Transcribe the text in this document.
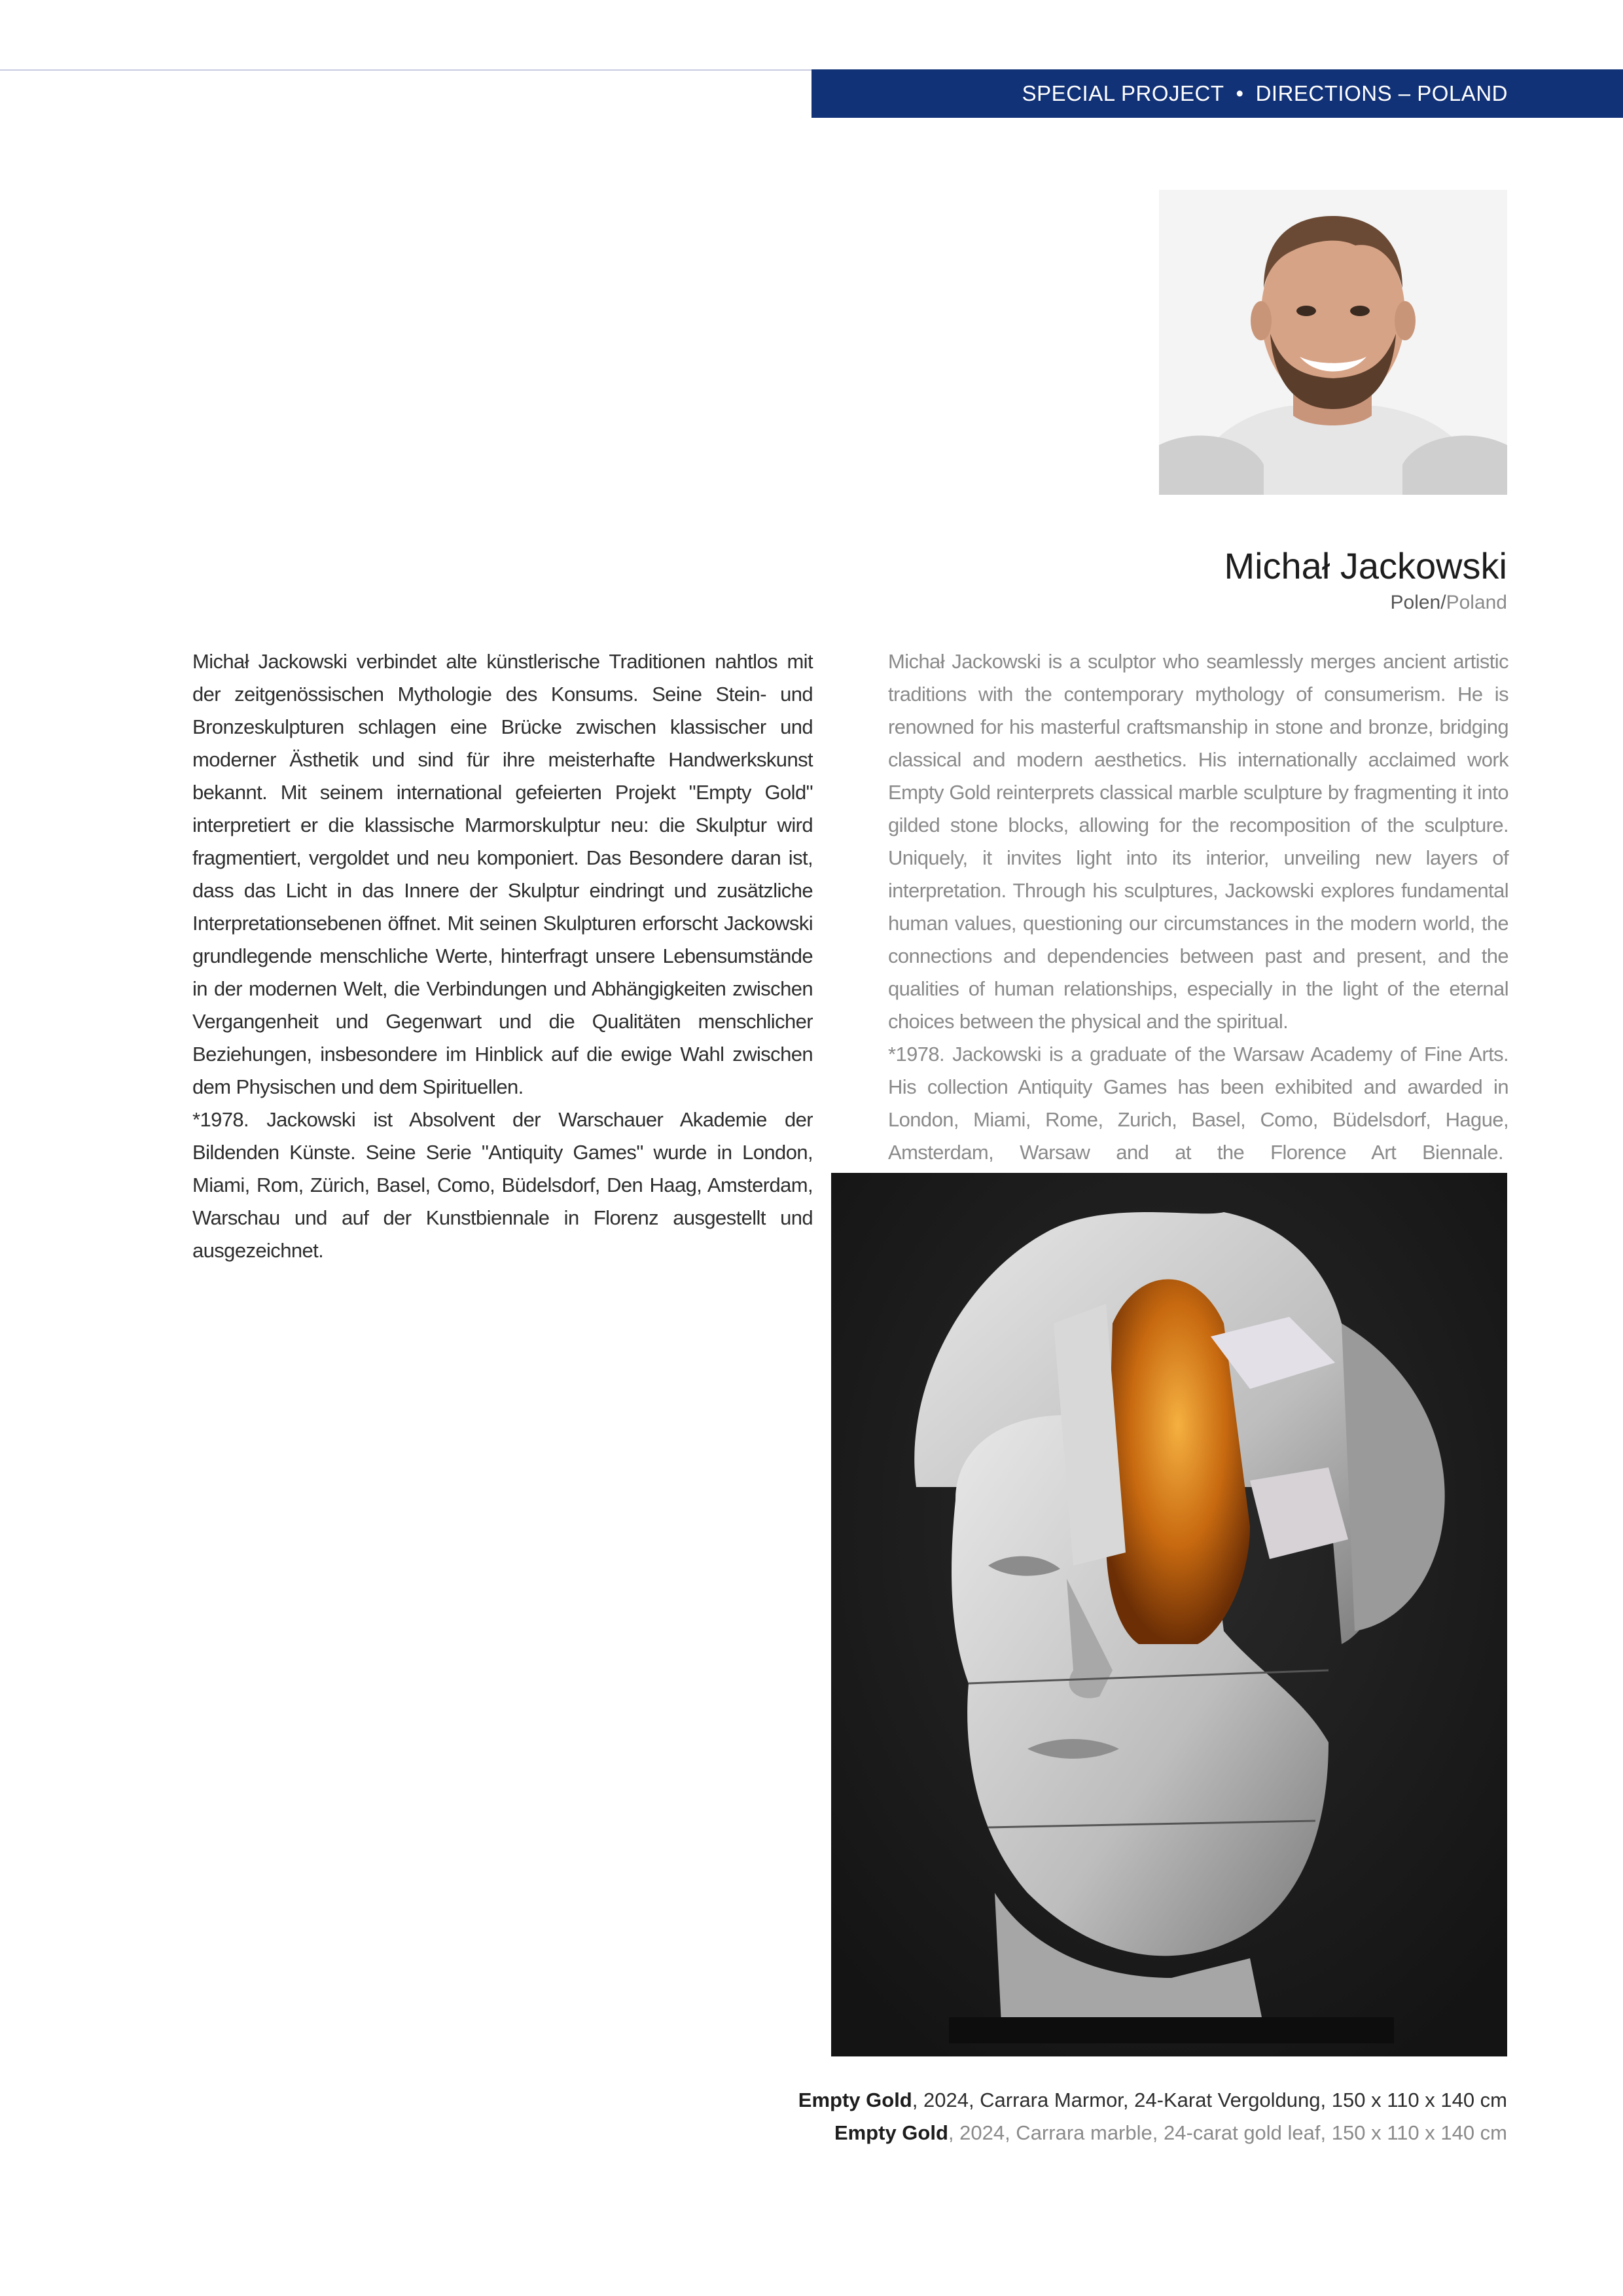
SPECIAL PROJECT • DIRECTIONS – POLAND
Michał Jackowski
Polen/Poland

Michał Jackowski verbindet alte künstlerische Traditionen nahtlos mit der zeitgenössischen Mythologie des Konsums. Seine Stein- und Bronzeskulpturen schlagen eine Brücke zwischen klassischer und moderner Ästhetik und sind für ihre meisterhafte Handwerkskunst bekannt. Mit seinem international gefeierten Projekt "Empty Gold" interpretiert er die klassische Marmorskulptur neu: die Skulptur wird fragmentiert, vergoldet und neu komponiert. Das Besondere daran ist, dass das Licht in das Innere der Skulptur eindringt und zusätzliche Interpretationsebenen öffnet. Mit seinen Skulpturen erforscht Jackowski grundlegende menschliche Werte, hinterfragt unsere Lebensumstände in der modernen Welt, die Verbindungen und Abhängigkeiten zwischen Vergangenheit und Gegenwart und die Qualitäten menschlicher Beziehungen, insbesondere im Hinblick auf die ewige Wahl zwischen dem Physischen und dem Spirituellen.

*1978. Jackowski ist Absolvent der Warschauer Akademie der Bildenden Künste. Seine Serie "Antiquity Games" wurde in London, Miami, Rom, Zürich, Basel, Como, Büdelsdorf, Den Haag, Amsterdam, Warschau und auf der Kunstbiennale in Florenz ausgestellt und ausgezeichnet.

Michał Jackowski is a sculptor who seamlessly merges ancient artistic traditions with the contemporary mythology of consumerism. He is renowned for his masterful craftsmanship in stone and bronze, bridging classical and modern aesthetics. His internationally acclaimed work Empty Gold reinterprets classical marble sculpture by fragmenting it into gilded stone blocks, allowing for the recomposition of the sculpture. Uniquely, it invites light into its interior, unveiling new layers of interpretation. Through his sculptures, Jackowski explores fundamental human values, questioning our circumstances in the modern world, the connections and dependencies between past and present, and the qualities of human relationships, especially in the light of the eternal choices between the physical and the spiritual.

*1978. Jackowski is a graduate of the Warsaw Academy of Fine Arts. His collection Antiquity Games has been exhibited and awarded in London, Miami, Rome, Zurich, Basel, Como, Büdelsdorf, Hague, Amsterdam, Warsaw and at the Florence Art Biennale.

Empty Gold, 2024, Carrara Marmor, 24-Karat Vergoldung, 150 x 110 x 140 cm
Empty Gold, 2024, Carrara marble, 24-carat gold leaf, 150 x 110 x 140 cm
